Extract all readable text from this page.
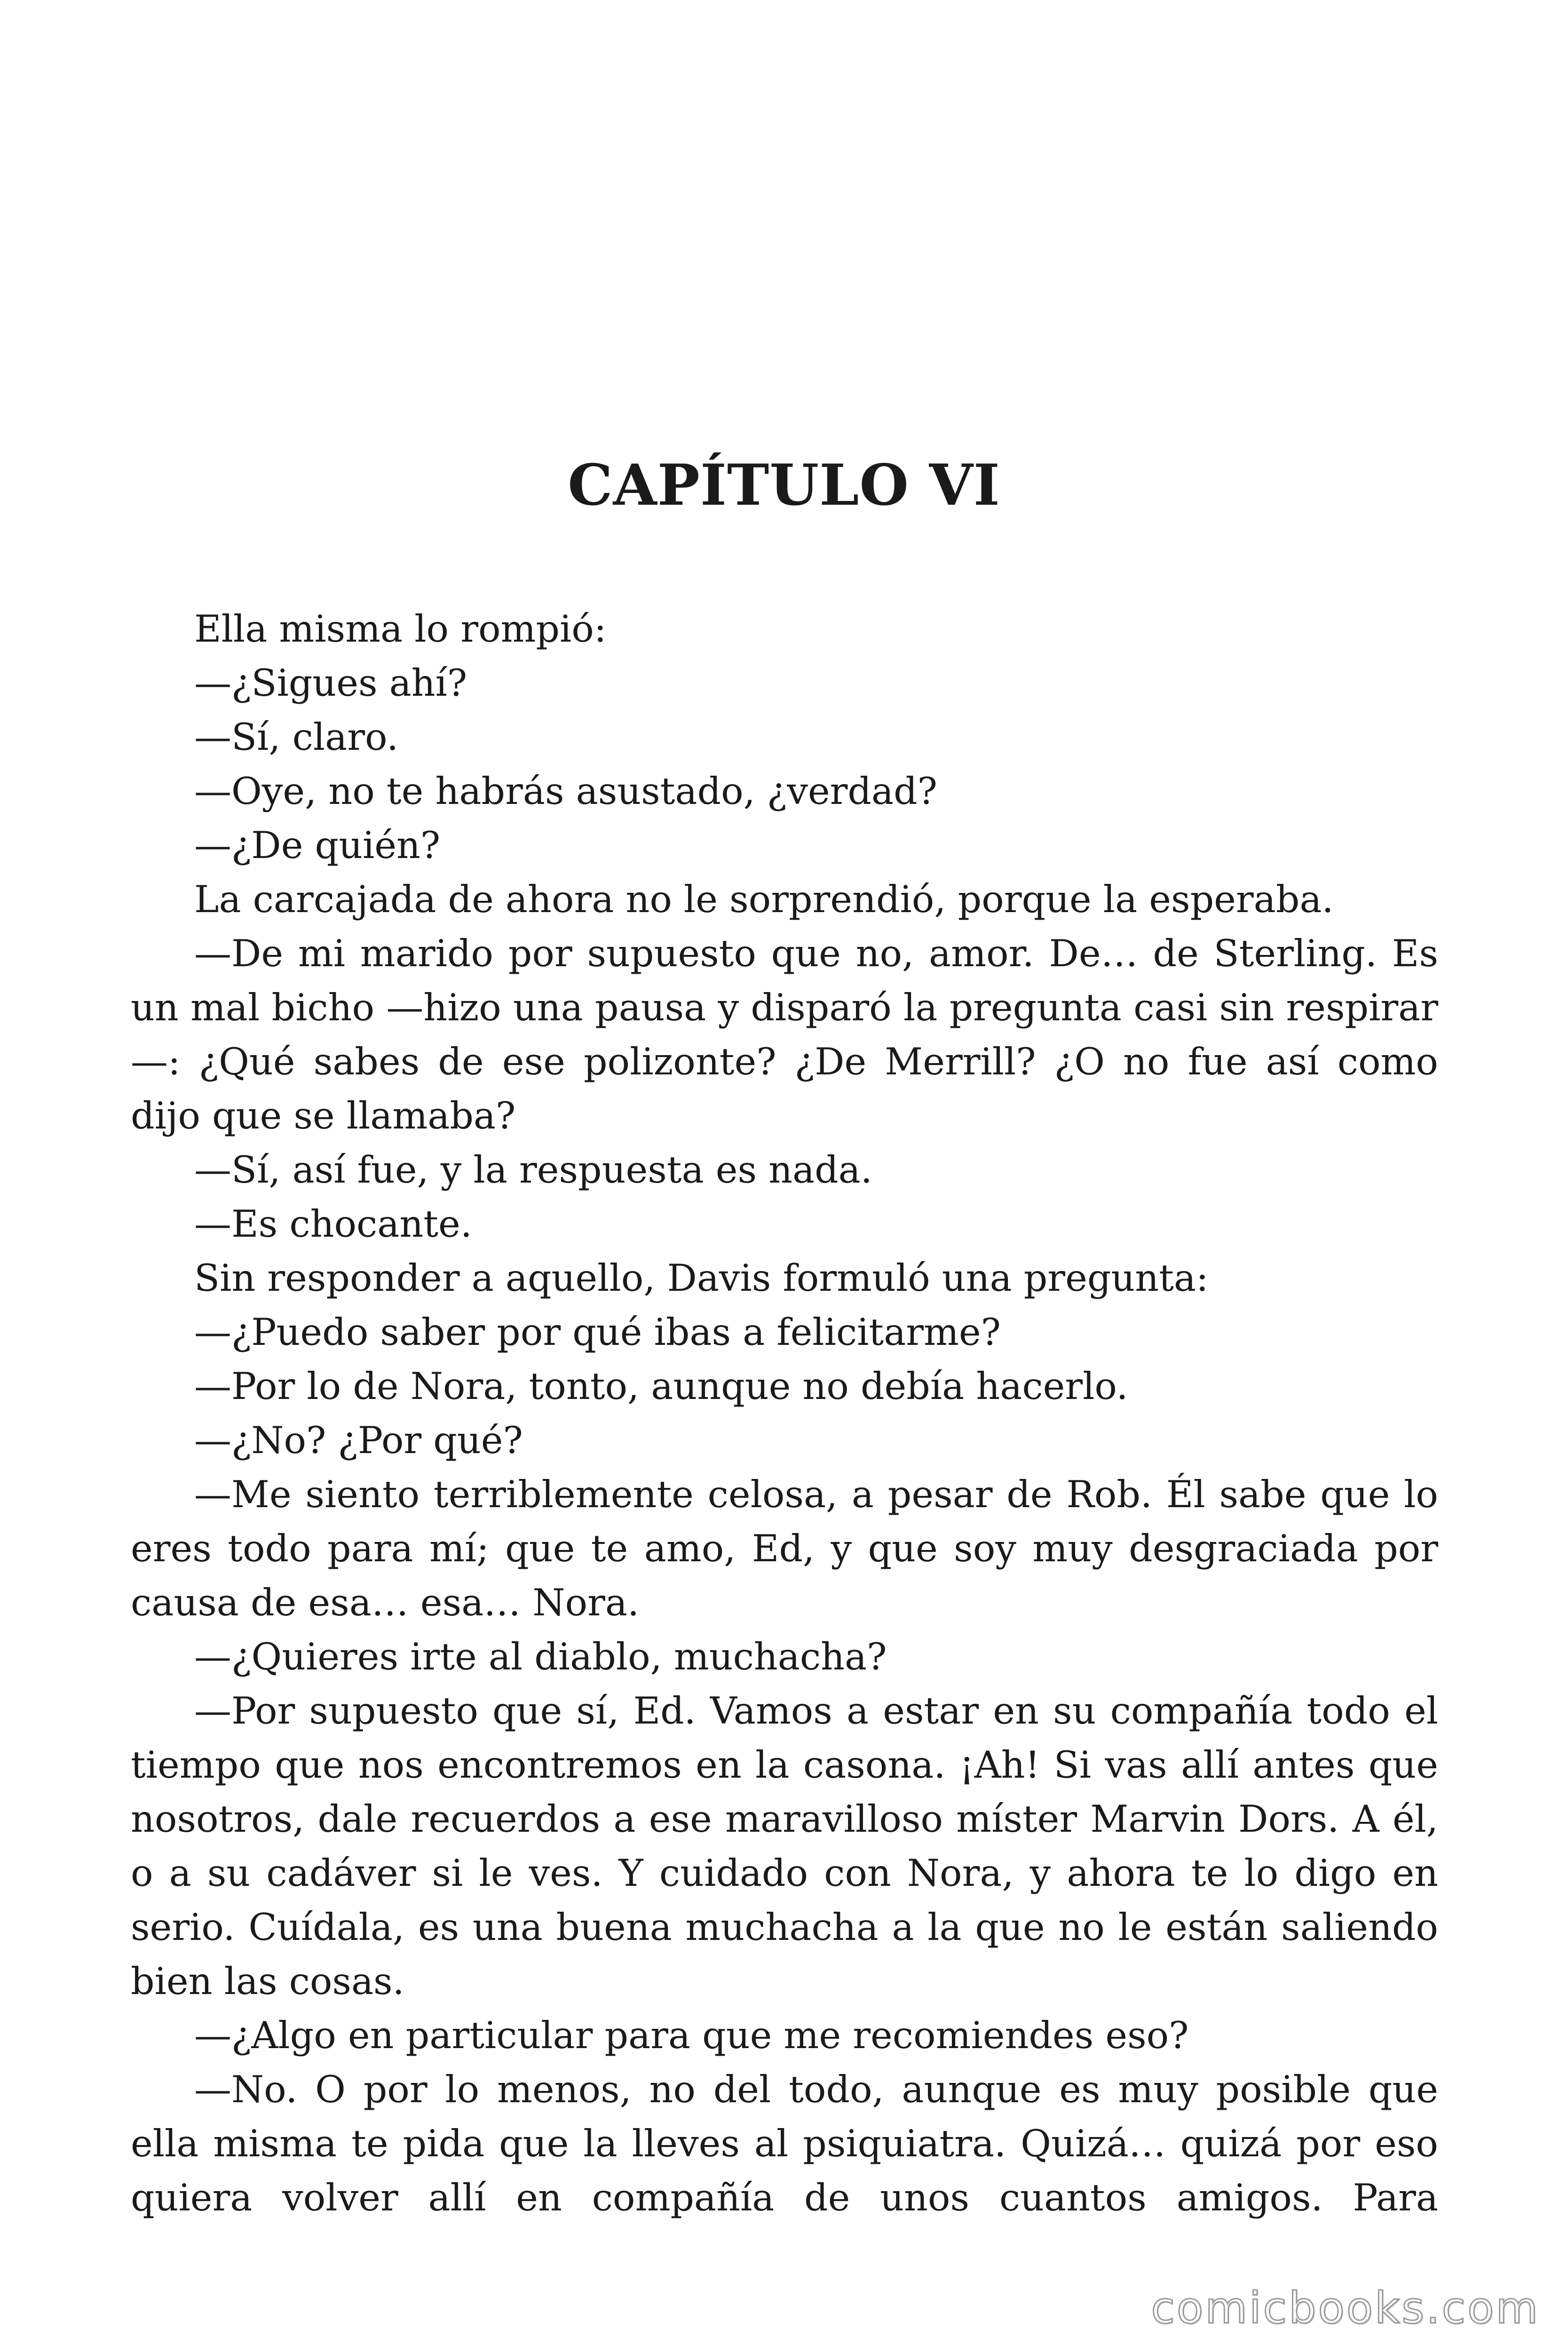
CAPÍTULO VI

Ella misma lo rompió:

—¿Sigues ahí?

—Sí, claro.

—Oye, no te habrás asustado, ¿verdad?

—¿De quién?

La carcajada de ahora no le sorprendió, porque la esperaba.

—De mi marido por supuesto que no, amor. De… de Sterling. Es un mal bicho —hizo una pausa y disparó la pregunta casi sin respirar—: ¿Qué sabes de ese polizonte? ¿De Merrill? ¿O no fue así como dijo que se llamaba?

—Sí, así fue, y la respuesta es nada.

—Es chocante.

Sin responder a aquello, Davis formuló una pregunta:

—¿Puedo saber por qué ibas a felicitarme?

—Por lo de Nora, tonto, aunque no debía hacerlo.

—¿No? ¿Por qué?

—Me siento terriblemente celosa, a pesar de Rob. Él sabe que lo eres todo para mí; que te amo, Ed, y que soy muy desgraciada por causa de esa… esa… Nora.

—¿Quieres irte al diablo, muchacha?

—Por supuesto que sí, Ed. Vamos a estar en su compañía todo el tiempo que nos encontremos en la casona. ¡Ah! Si vas allí antes que nosotros, dale recuerdos a ese maravilloso míster Marvin Dors. A él, o a su cadáver si le ves. Y cuidado con Nora, y ahora te lo digo en serio. Cuídala, es una buena muchacha a la que no le están saliendo bien las cosas.

—¿Algo en particular para que me recomiendes eso?

—No. O por lo menos, no del todo, aunque es muy posible que ella misma te pida que la lleves al psiquiatra. Quizá… quizá por eso quiera volver allí en compañía de unos cuantos amigos. Para

comicbooks.com
